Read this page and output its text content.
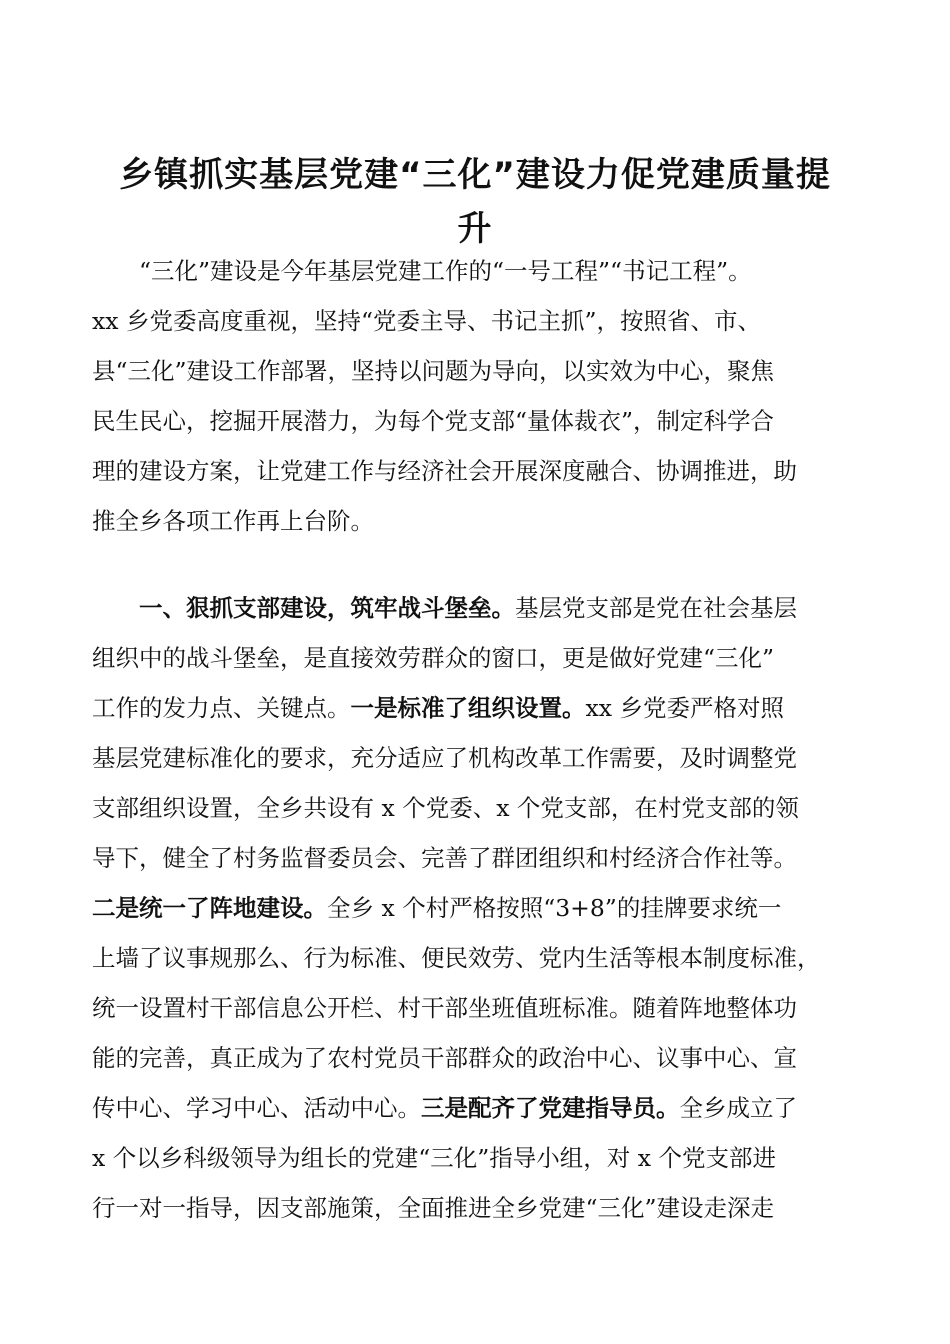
乡镇抓实基层党建“三化”建设力促党建质量提
升
　　“三化”建设是今年基层党建工作的“一号工程”“书记工程”。
xx 乡党委高度重视，坚持“党委主导、书记主抓”，按照省、市、
县“三化”建设工作部署，坚持以问题为导向，以实效为中心，聚焦
民生民心，挖掘开展潜力，为每个党支部“量体裁衣”，制定科学合
理的建设方案，让党建工作与经济社会开展深度融合、协调推进，助
推全乡各项工作再上台阶。
　　一、狠抓支部建设，筑牢战斗堡垒。基层党支部是党在社会基层
组织中的战斗堡垒，是直接效劳群众的窗口，更是做好党建“三化”
工作的发力点、关键点。一是标准了组织设置。xx 乡党委严格对照
基层党建标准化的要求，充分适应了机构改革工作需要，及时调整党
支部组织设置，全乡共设有 x 个党委、x 个党支部，在村党支部的领
导下，健全了村务监督委员会、完善了群团组织和村经济合作社等。
二是统一了阵地建设。全乡 x 个村严格按照“3+8”的挂牌要求统一
上墙了议事规那么、行为标准、便民效劳、党内生活等根本制度标准，
统一设置村干部信息公开栏、村干部坐班值班标准。随着阵地整体功
能的完善，真正成为了农村党员干部群众的政治中心、议事中心、宣
传中心、学习中心、活动中心。三是配齐了党建指导员。全乡成立了
x 个以乡科级领导为组长的党建“三化”指导小组，对 x 个党支部进
行一对一指导，因支部施策，全面推进全乡党建“三化”建设走深走
